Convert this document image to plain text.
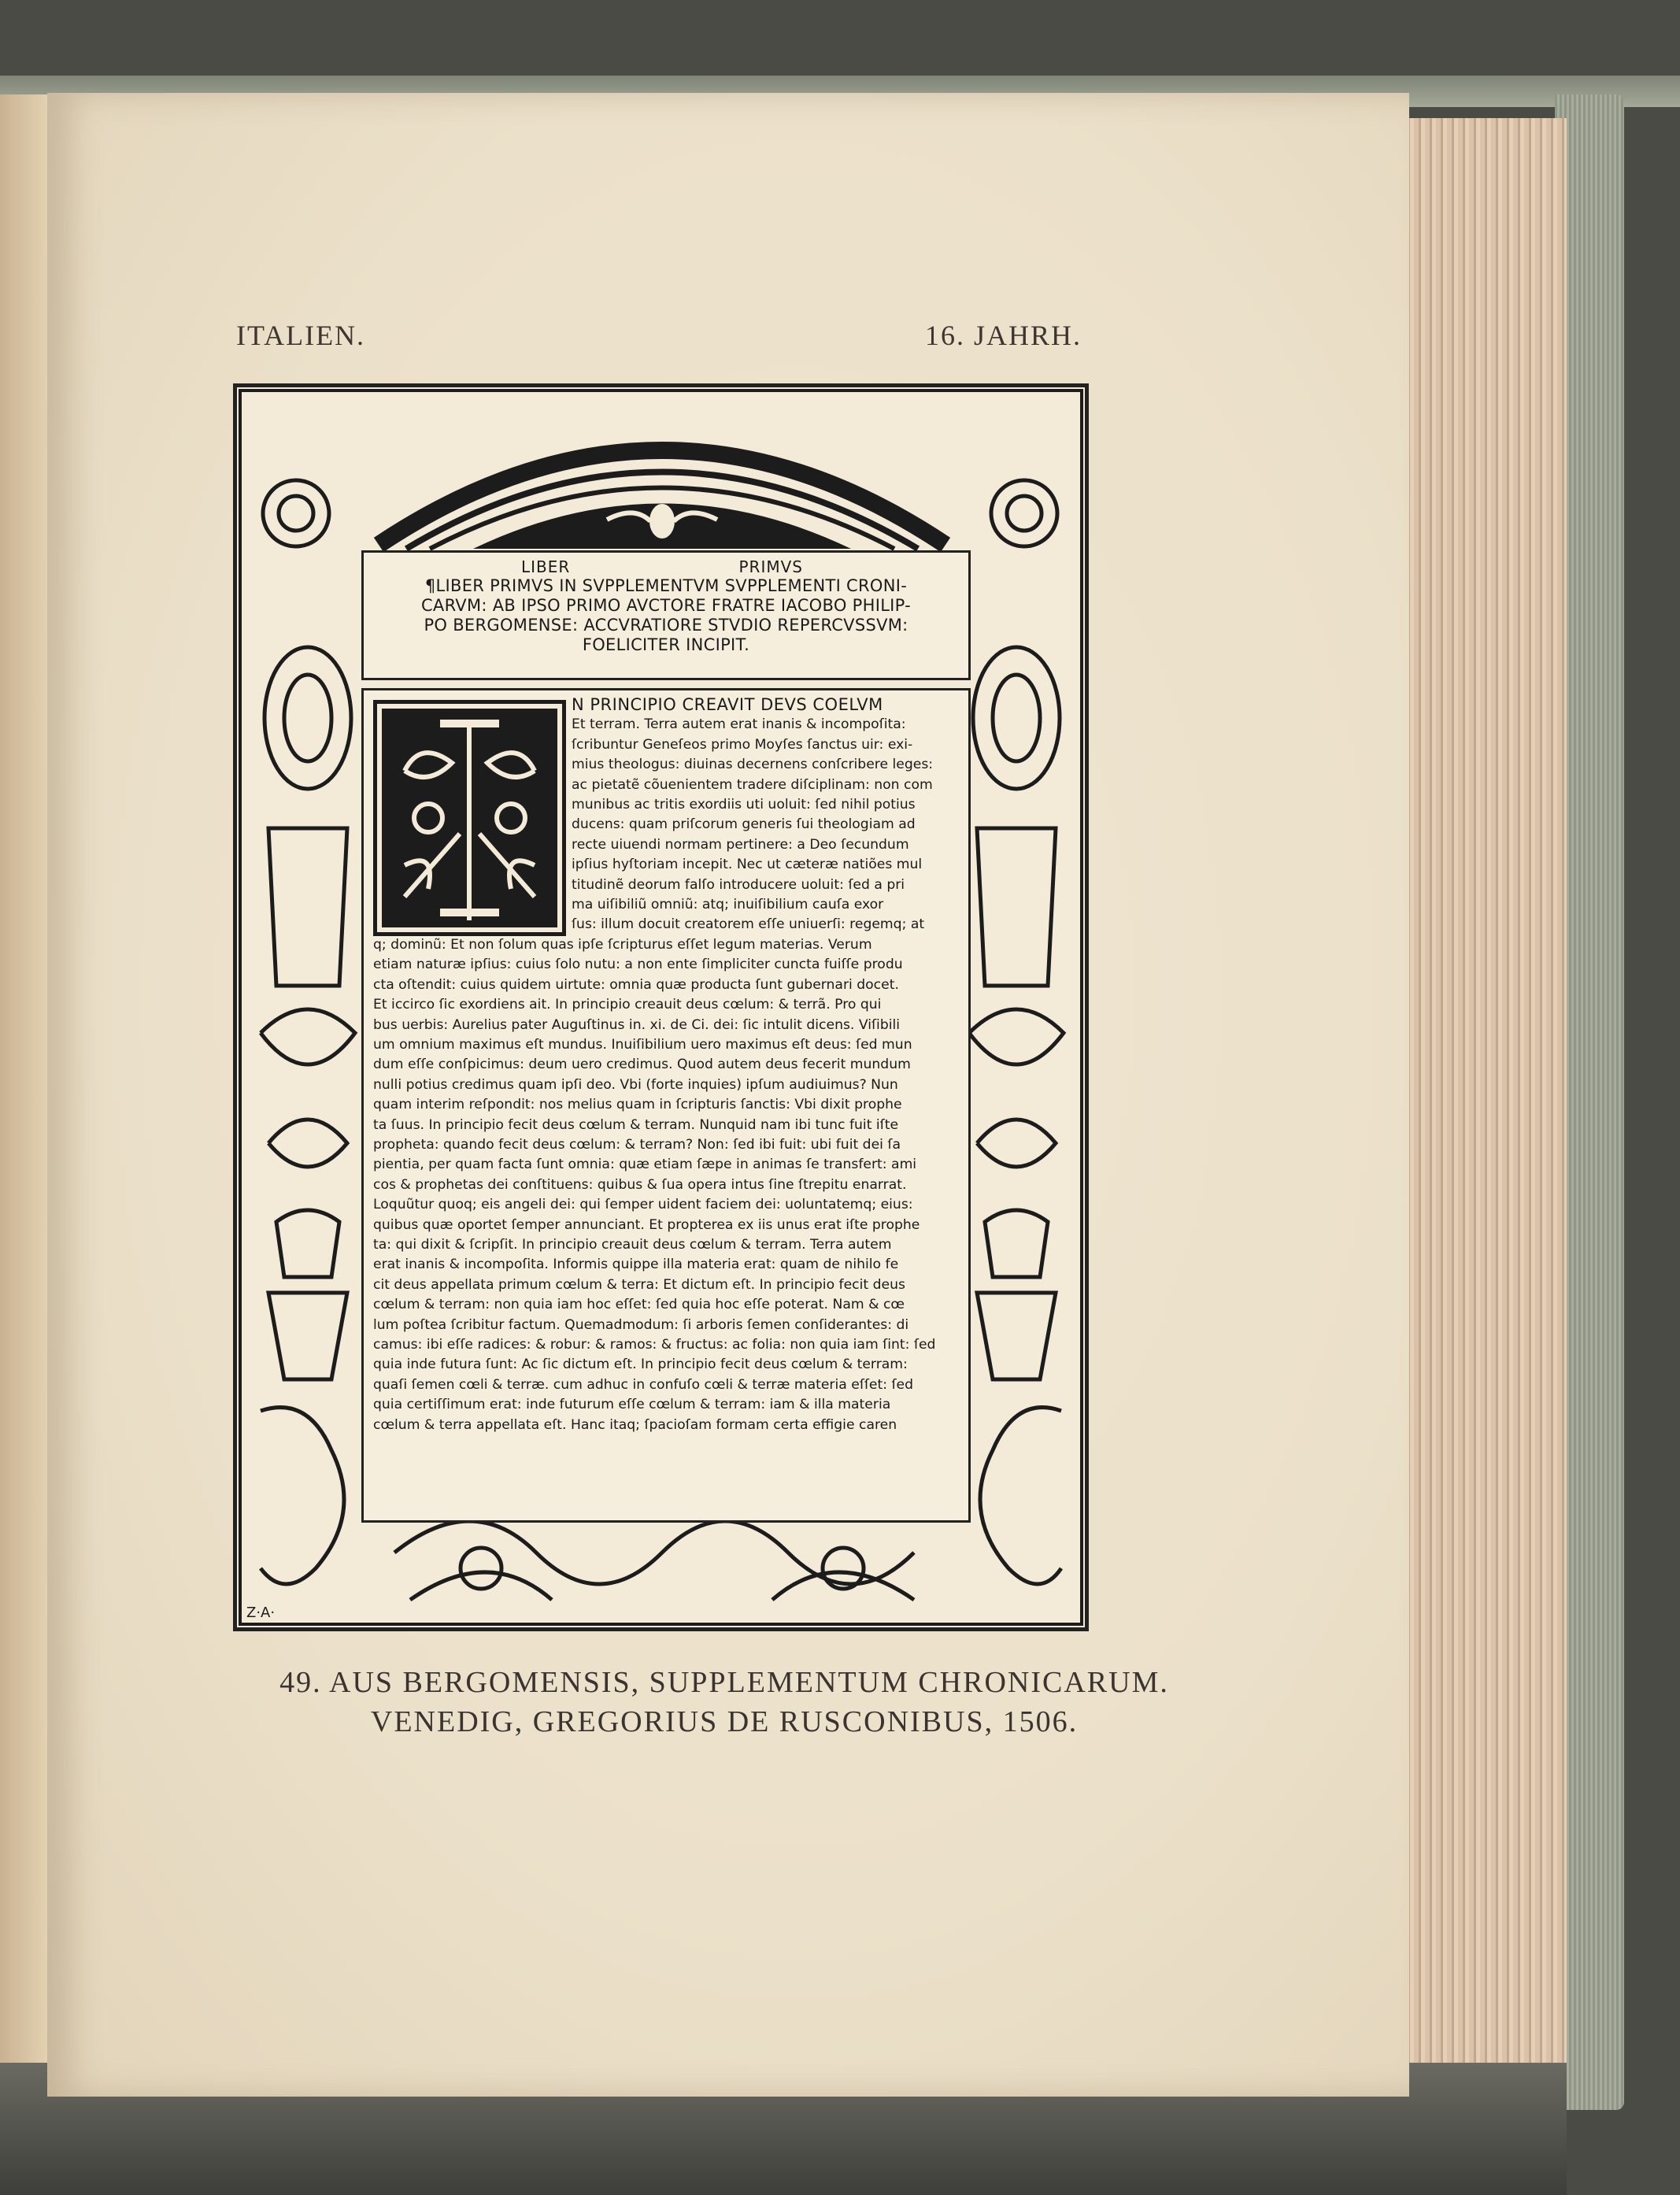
ITALIEN.	16. JAHRH.
Z·A·
LIBER	PRIMVS
¶LIBER PRIMVS IN SVPPLEMENTVM SVPPLEMENTI CRONI-
CARVM: AB IPSO PRIMO AVCTORE FRATRE IACOBO PHILIP-
PO BERGOMENSE: ACCVRATIORE STVDIO REPERCVSSVM:
FOELICITER INCIPIT.
N PRINCIPIO CREAVIT DEVS COELVM
Et terram. Terra autem erat inanis & incompoſita:
ſcribuntur Geneſeos primo Moyſes ſanctus uir: exi-
mius theologus: diuinas decernens conſcribere leges:
ac pietatẽ cõuenientem tradere diſciplinam: non com
munibus ac tritis exordiis uti uoluit: ſed nihil potius
ducens: quam priſcorum generis ſui theologiam ad
recte uiuendi normam pertinere: a Deo ſecundum
ipſius hyſtoriam incepit. Nec ut cæteræ natiões mul
titudinẽ deorum falſo introducere uoluit: ſed a pri
ma uiſibiliũ omniũ: atq; inuiſibilium cauſa exor
ſus: illum docuit creatorem eſſe uniuerſi: regemq; at
q; dominũ: Et non ſolum quas ipſe ſcripturus eſſet legum materias. Verum
etiam naturæ ipſius: cuius ſolo nutu: a non ente ſimpliciter cuncta fuiſſe produ
cta oſtendit: cuius quidem uirtute: omnia quæ producta ſunt gubernari docet.
Et iccirco ſic exordiens ait. In principio creauit deus cœlum: & terrã. Pro qui
bus uerbis: Aurelius pater Auguſtinus in. xi. de Ci. dei: ſic intulit dicens. Viſibili
um omnium maximus eſt mundus. Inuiſibilium uero maximus eſt deus: ſed mun
dum eſſe conſpicimus: deum uero credimus. Quod autem deus fecerit mundum
nulli potius credimus quam ipſi deo. Vbi (forte inquies) ipſum audiuimus? Nun
quam interim reſpondit: nos melius quam in ſcripturis ſanctis: Vbi dixit prophe
ta ſuus. In principio fecit deus cœlum & terram. Nunquid nam ibi tunc fuit iſte
propheta: quando fecit deus cœlum: & terram? Non: ſed ibi fuit: ubi fuit dei ſa
pientia, per quam facta ſunt omnia: quæ etiam ſæpe in animas ſe transfert: ami
cos & prophetas dei conſtituens: quibus & ſua opera intus ſine ſtrepitu enarrat.
Loquũtur quoq; eis angeli dei: qui ſemper uident faciem dei: uoluntatemq; eius:
quibus quæ oportet ſemper annunciant. Et propterea ex iis unus erat iſte prophe
ta: qui dixit & ſcripſit. In principio creauit deus cœlum & terram. Terra autem
erat inanis & incompoſita. Informis quippe illa materia erat: quam de nihilo fe
cit deus appellata primum cœlum & terra: Et dictum eſt. In principio fecit deus
cœlum & terram: non quia iam hoc eſſet: ſed quia hoc eſſe poterat. Nam & cœ
lum poſtea ſcribitur factum. Quemadmodum: ſi arboris ſemen conſiderantes: di
camus: ibi eſſe radices: & robur: & ramos: & fructus: ac folia: non quia iam ſint: ſed
quia inde futura ſunt: Ac ſic dictum eſt. In principio fecit deus cœlum & terram:
quaſi ſemen cœli & terræ. cum adhuc in confuſo cœli & terræ materia eſſet: ſed
quia certiſſimum erat: inde futurum eſſe cœlum & terram: iam & illa materia
cœlum & terra appellata eſt. Hanc itaq; ſpacioſam formam certa effigie caren
49. AUS BERGOMENSIS, SUPPLEMENTUM CHRONICARUM.
VENEDIG, GREGORIUS DE RUSCONIBUS, 1506.
